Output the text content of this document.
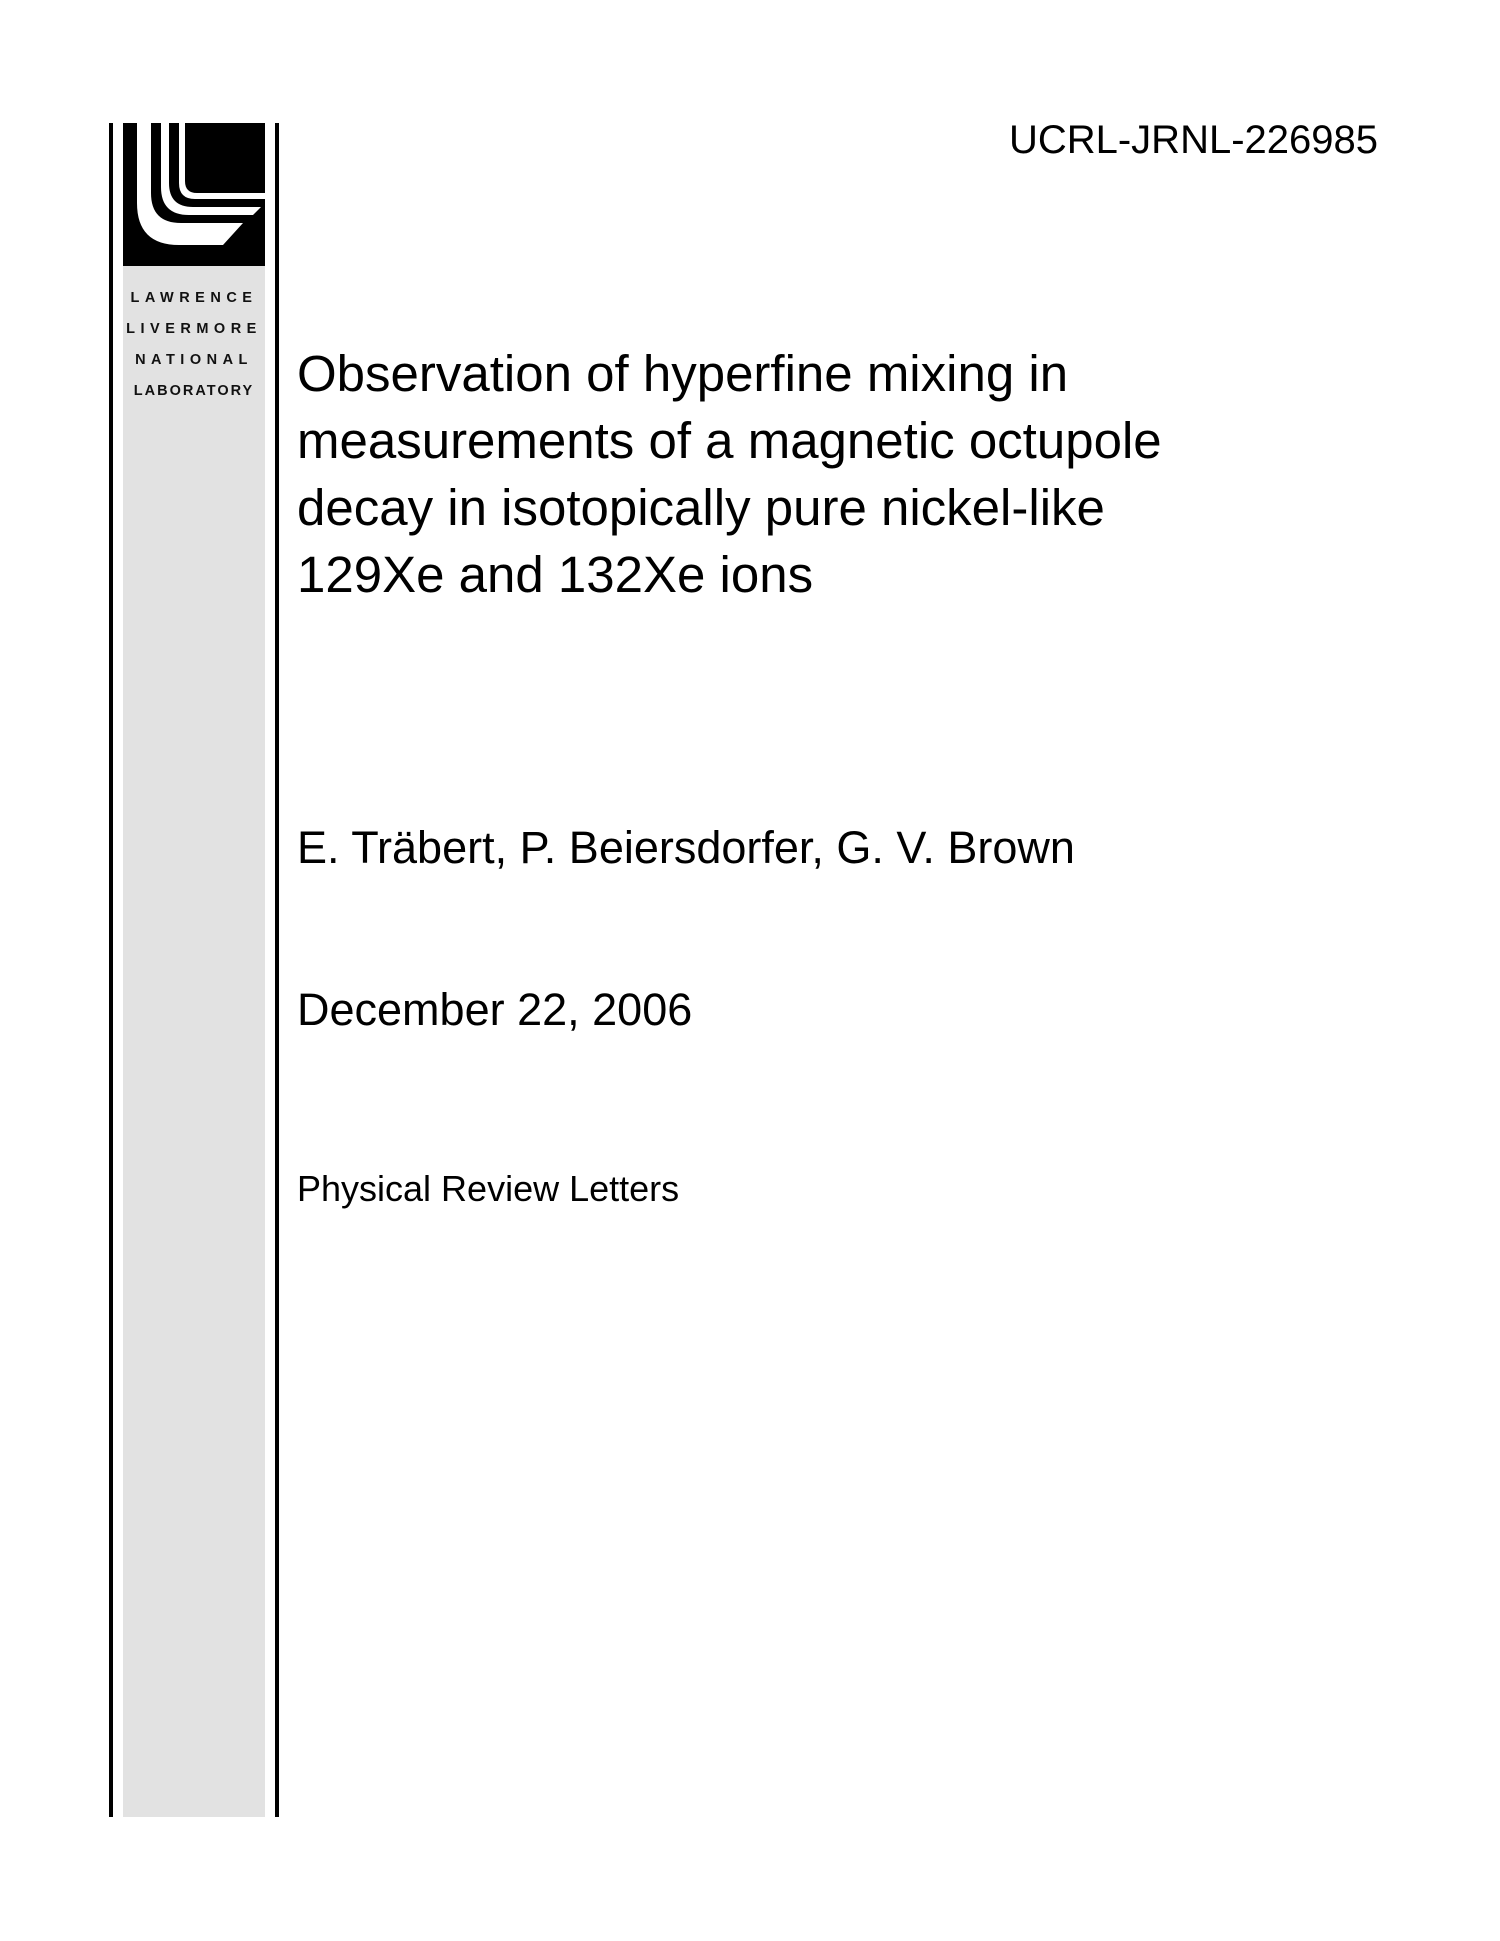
LAWRENCE
LIVERMORE
NATIONAL
LABORATORY
UCRL-JRNL-226985
Observation of hyperfine mixing in
measurements of a magnetic octupole
decay in isotopically pure nickel-like
129Xe and 132Xe ions
E. Träbert, P. Beiersdorfer, G. V. Brown
December 22, 2006
Physical Review Letters
